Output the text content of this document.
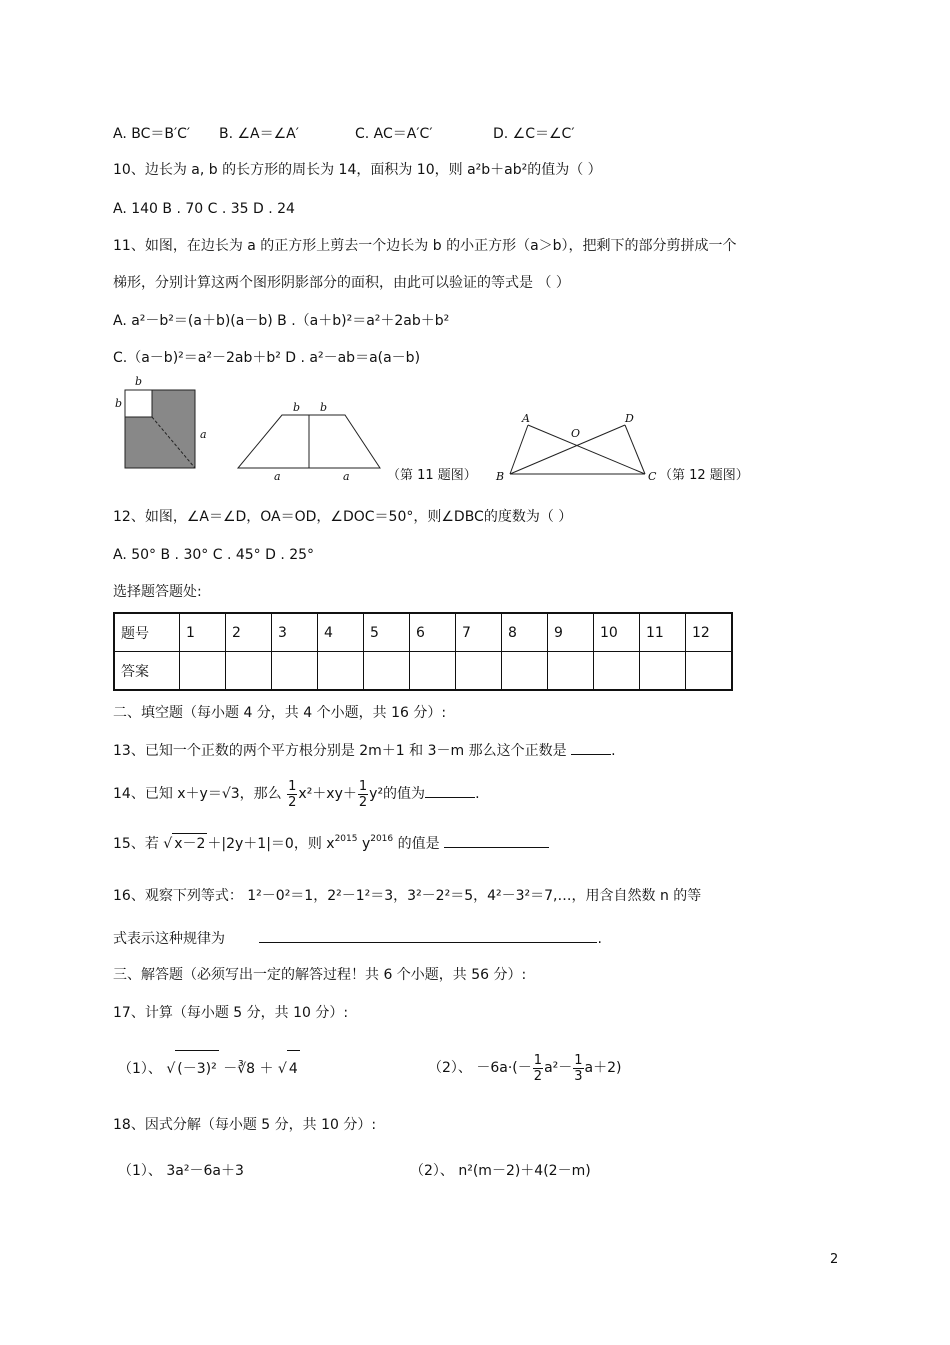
A. BC＝B′C′ B. ∠A＝∠A′	C. AC＝A′C′	D. ∠C＝∠C′
10、边长为 a, b 的长方形的周长为 14，面积为 10，则 a²b＋ab²的值为（ ）
A. 140 B . 70 C . 35 D . 24
11、如图，在边长为 a 的正方形上剪去一个边长为 b 的小正方形（a＞b），把剩下的部分剪拼成一个
梯形，分别计算这两个图形阴影部分的面积，由此可以验证的等式是 （ ）
A. a²－b²＝(a＋b)(a－b) B .（a＋b)²＝a²＋2ab＋b²
C.（a－b)²＝a²－2ab＋b² D . a²－ab＝a(a－b)
b
b
a
b b
a	a	（第 11 题图）
A	D
O
B	C （第 12 题图）
12、如图，∠A＝∠D，OA＝OD，∠DOC＝50°，则∠DBC的度数为（ ）
A. 50° B . 30° C . 45° D . 25°
选择题答题处:
题号	1	2	3	4	5	6	7	8	9	10	11	12
答案												
二、填空题（每小题 4 分，共 4 个小题，共 16 分）:
13、已知一个正数的两个平方根分别是 2m＋1 和 3－m 那么这个正数是	.
14、已知 x＋y＝√3，那么 $\frac{1}{2} x^2+xy+ \frac{1}{2} y^2$的值为	.
15、若 √ x－2 ＋|2y＋1|＝0，则 $x^{2015}$ $y^{2016}$ 的值是
16、观察下列等式： 1²－0²＝1，2²－1²＝3，3²－2²＝5，4²－3²＝7,…，用含自然数 n 的等
式表示这种规律为	.
三、解答题（必须写出一定的解答过程！共 6 个小题，共 56 分）:
17、计算（每小题 5 分，共 10 分）:
（1）、 √ (－3)² －∛8 ＋ √ 4	（2）、 $-6a\cdot(- \frac{1}{2} a^2- \frac{1}{3} a+2)$
18、因式分解（每小题 5 分，共 10 分）:
（1）、 3a²－6a＋3	（2）、 n²(m－2)＋4(2－m)
2
